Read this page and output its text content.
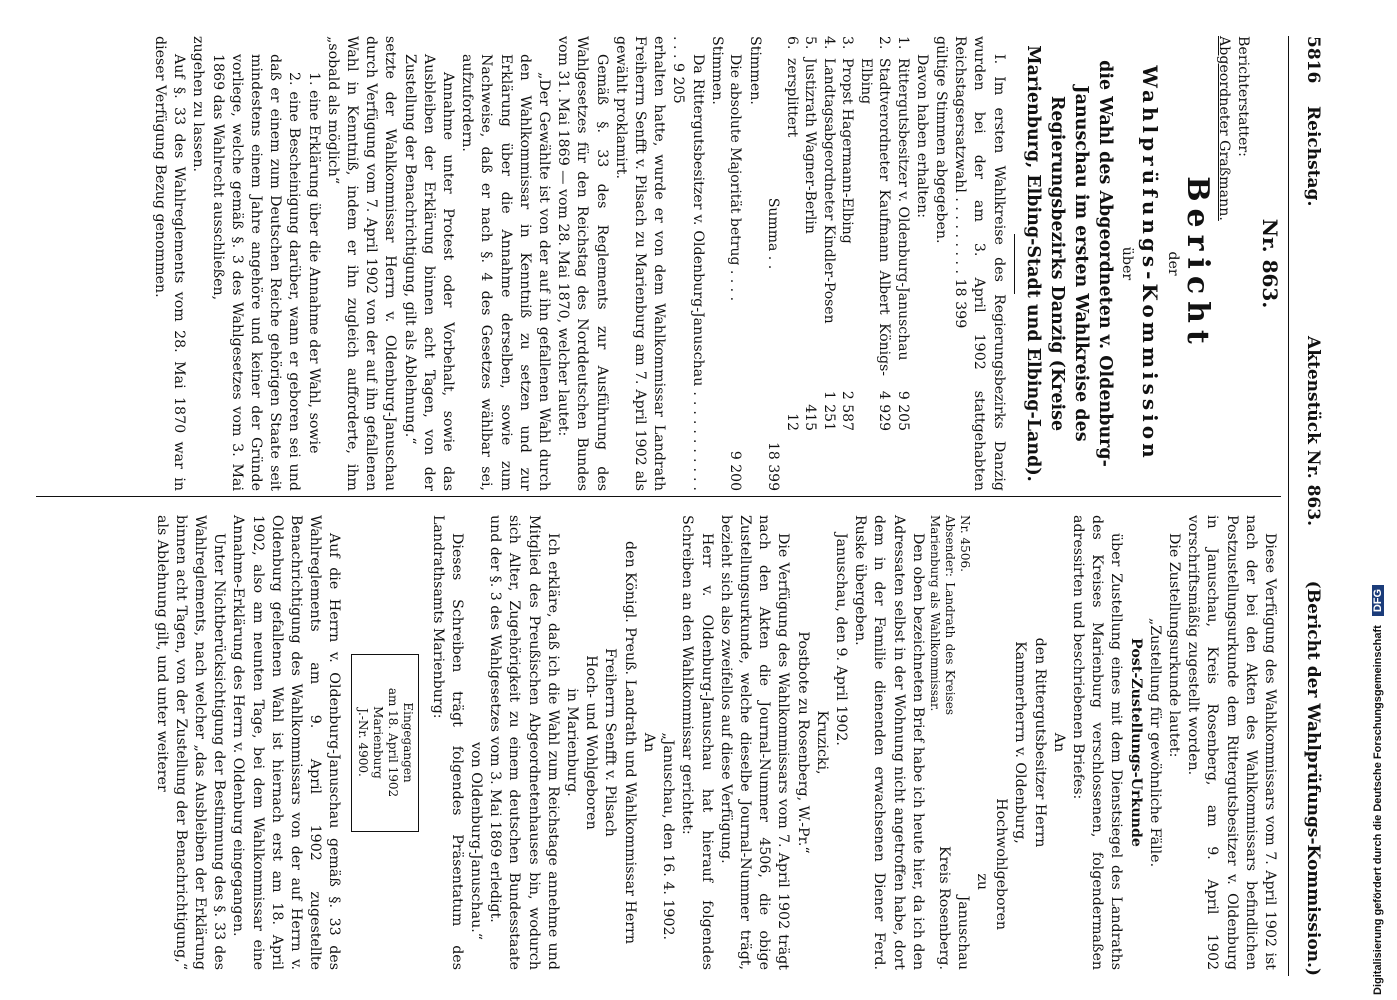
5816
Reichstag.
Aktenstück Nr. 863.
(Bericht der Wahlprüfungs-Kommission.)
Nr. 863.

Berichterstatter:

Abgeordneter Graßmann.

Bericht

der

Wahlprüfungs-Kommission

über

die Wahl des Abgeordneten v. Oldenburg-Januschau im ersten Wahlkreise des Regierungsbezirks Danzig (Kreise Marienburg, Elbing-Stadt und Elbing-Land).

I. Im ersten Wahlkreise des Regierungsbezirks Danzig wurden bei der am 3. April 1902 stattgehabten Reichstagsersatzwahl . . . . . . . . . 18 399

gültige Stimmen abgegeben.

Davon haben erhalten:

1.	Rittergutsbesitzer v. Oldenburg-Januschau	9 205	
2.	Stadtverordneter Kaufmann Albert Königs-Elbing	4 929	
3.	Propst Hagermann-Elbing	2 587	
4.	Landtagsabgeordneter Kindler-Posen	1 251	
5.	Justizrath Wagner-Berlin	415	
6.	zersplittert	12	
Summa . .	18 399

Stimmen.

Die absolute Majorität betrug . . . .	9 200

Stimmen.

Da Rittergutsbesitzer v. Oldenburg-Januschau . . . . . . . . . . . . . . 9 205

erhalten hatte, wurde er von dem Wahlkommissar Landrath Freiherrn Senfft v. Pilsach zu Marienburg am 7. April 1902 als gewählt proklamirt.

Gemäß §. 33 des Reglements zur Ausführung des Wahlgesetzes für den Reichstag des Norddeutschen Bundes vom 31. Mai 1869 — vom 28. Mai 1870, welcher lautet:

„Der Gewählte ist von der auf ihn gefallenen Wahl durch den Wahlkommissar in Kenntniß zu setzen und zur Erklärung über die Annahme derselben, sowie zum Nachweise, daß er nach §. 4 des Gesetzes wählbar sei, aufzufordern.

Annahme unter Protest oder Vorbehalt, sowie das Ausbleiben der Erklärung binnen acht Tagen, von der Zustellung der Benachrichtigung, gilt als Ablehnung.“

setzte der Wahlkommissar Herrn v. Oldenburg-Januschau durch Verfügung vom 7. April 1902 von der auf ihn gefallenen Wahl in Kenntniß, indem er ihn zugleich aufforderte, ihm „sobald als möglich“

1. eine Erklärung über die Annahme der Wahl, sowie

2. eine Bescheinigung darüber, wann er geboren sei und daß er einem zum Deutschen Reiche gehörigen Staate seit mindestens einem Jahre angehöre und keiner der Gründe vorliege, welche gemäß §. 3 des Wahlgesetzes vom 3. Mai 1869 das Wahlrecht ausschließen,

zugehen zu lassen.

Auf §. 33 des Wahlreglements vom 28. Mai 1870 war in dieser Verfügung Bezug genommen.

Diese Verfügung des Wahlkommissars vom 7. April 1902 ist nach der bei den Akten des Wahlkommissars befindlichen Postzustellungsurkunde dem Rittergutsbesitzer v. Oldenburg in Januschau, Kreis Rosenberg, am 9. April 1902 vorschriftsmäßig zugestellt worden.

Die Zustellungsurkunde lautet:

„Zustellung für gewöhnliche Fälle.

Post-Zustellungs-Urkunde

über Zustellung eines mit dem Dienstsiegel des Landraths des Kreises Marienburg verschlossenen, folgendermaßen adressirten und beschriebenen Briefes:

An

den Rittergutsbesitzer Herrn

Kammerherrn v. Oldenburg,

Hochwohlgeboren

zu

Nr. 4506.
Absender: Landrath des Kreises Marienburg als Wahlkommissar.
Januschau
Kreis Rosenberg.

Den oben bezeichneten Brief habe ich heute hier, da ich den Adressaten selbst in der Wohnung nicht angetroffen habe, dort dem in der Familie dienenden erwachsenen Diener Ferd. Ruske übergeben.

Januschau, den 9. April 1902.

Kruzicki,

Postbote zu Rosenberg, W.-Pr.“

Die Verfügung des Wahlkommissars vom 7. April 1902 trägt nach den Akten die Journal-Nummer 4506, die obige Zustellungsurkunde, welche dieselbe Journal-Nummer trägt, bezieht sich also zweifellos auf diese Verfügung.

Herr v. Oldenburg-Januschau hat hierauf folgendes Schreiben an den Wahlkommissar gerichtet:

„Januschau, den 16. 4. 1902.

An

den Königl. Preuß. Landrath und Wahlkommissar Herrn Freiherrn Senfft v. Pilsach

Hoch- und Wohlgeboren

in Marienburg.

Ich erkläre, daß ich die Wahl zum Reichstage annehme und Mitglied des Preußischen Abgeordnetenhauses bin, wodurch sich Alter, Zugehörigkeit zu einem deutschen Bundesstaate und der §. 3 des Wahlgesetzes vom 3. Mai 1869 erledigt.

von Oldenburg-Januschau.“

Dieses Schreiben trägt folgendes Präsentatum des Landrathsamts Marienburg:

Eingegangen
am 18. April 1902
Marienburg
J.-Nr. 4900.

Auf die Herrn v. Oldenburg-Januschau gemäß §. 33 des Wahlreglements am 9. April 1902 zugestellte Benachrichtigung des Wahlkommissars von der auf Herrn v. Oldenburg gefallenen Wahl ist hiernach erst am 18. April 1902, also am neunten Tage, bei dem Wahlkommissar eine Annahme-Erklärung des Herrn v. Oldenburg eingegangen.

Unter Nichtberücksichtigung der Bestimmung des §. 33 des Wahlreglements, nach welcher „das Ausbleiben der Erklärung binnen acht Tagen, von der Zustellung der Benachrichtigung,“ als Ablehnung gilt, und unter weiterer	Digitalisierung gefördert durch die Deutsche Forschungsgemeinschaft DFG
